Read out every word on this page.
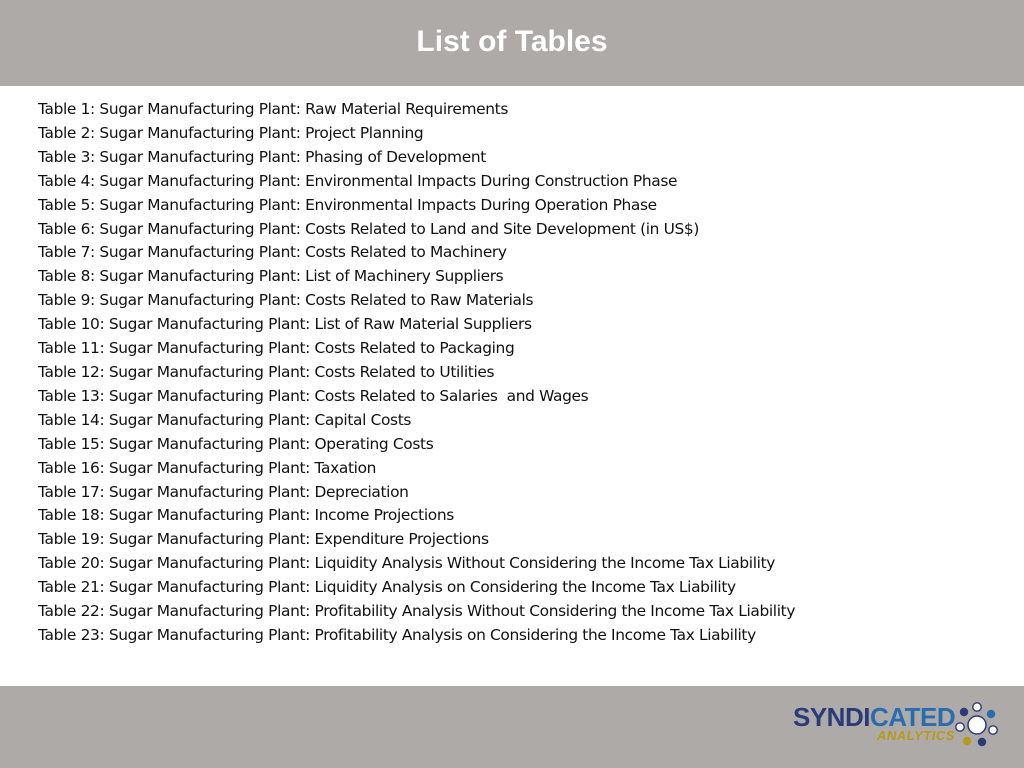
List of Tables
Table 1: Sugar Manufacturing Plant: Raw Material Requirements
Table 2: Sugar Manufacturing Plant: Project Planning
Table 3: Sugar Manufacturing Plant: Phasing of Development
Table 4: Sugar Manufacturing Plant: Environmental Impacts During Construction Phase
Table 5: Sugar Manufacturing Plant: Environmental Impacts During Operation Phase
Table 6: Sugar Manufacturing Plant: Costs Related to Land and Site Development (in US$)
Table 7: Sugar Manufacturing Plant: Costs Related to Machinery
Table 8: Sugar Manufacturing Plant: List of Machinery Suppliers
Table 9: Sugar Manufacturing Plant: Costs Related to Raw Materials
Table 10: Sugar Manufacturing Plant: List of Raw Material Suppliers
Table 11: Sugar Manufacturing Plant: Costs Related to Packaging
Table 12: Sugar Manufacturing Plant: Costs Related to Utilities
Table 13: Sugar Manufacturing Plant: Costs Related to Salaries  and Wages
Table 14: Sugar Manufacturing Plant: Capital Costs
Table 15: Sugar Manufacturing Plant: Operating Costs
Table 16: Sugar Manufacturing Plant: Taxation
Table 17: Sugar Manufacturing Plant: Depreciation
Table 18: Sugar Manufacturing Plant: Income Projections
Table 19: Sugar Manufacturing Plant: Expenditure Projections
Table 20: Sugar Manufacturing Plant: Liquidity Analysis Without Considering the Income Tax Liability
Table 21: Sugar Manufacturing Plant: Liquidity Analysis on Considering the Income Tax Liability
Table 22: Sugar Manufacturing Plant: Profitability Analysis Without Considering the Income Tax Liability
Table 23: Sugar Manufacturing Plant: Profitability Analysis on Considering the Income Tax Liability
SYNDICATED
ANALYTICS
